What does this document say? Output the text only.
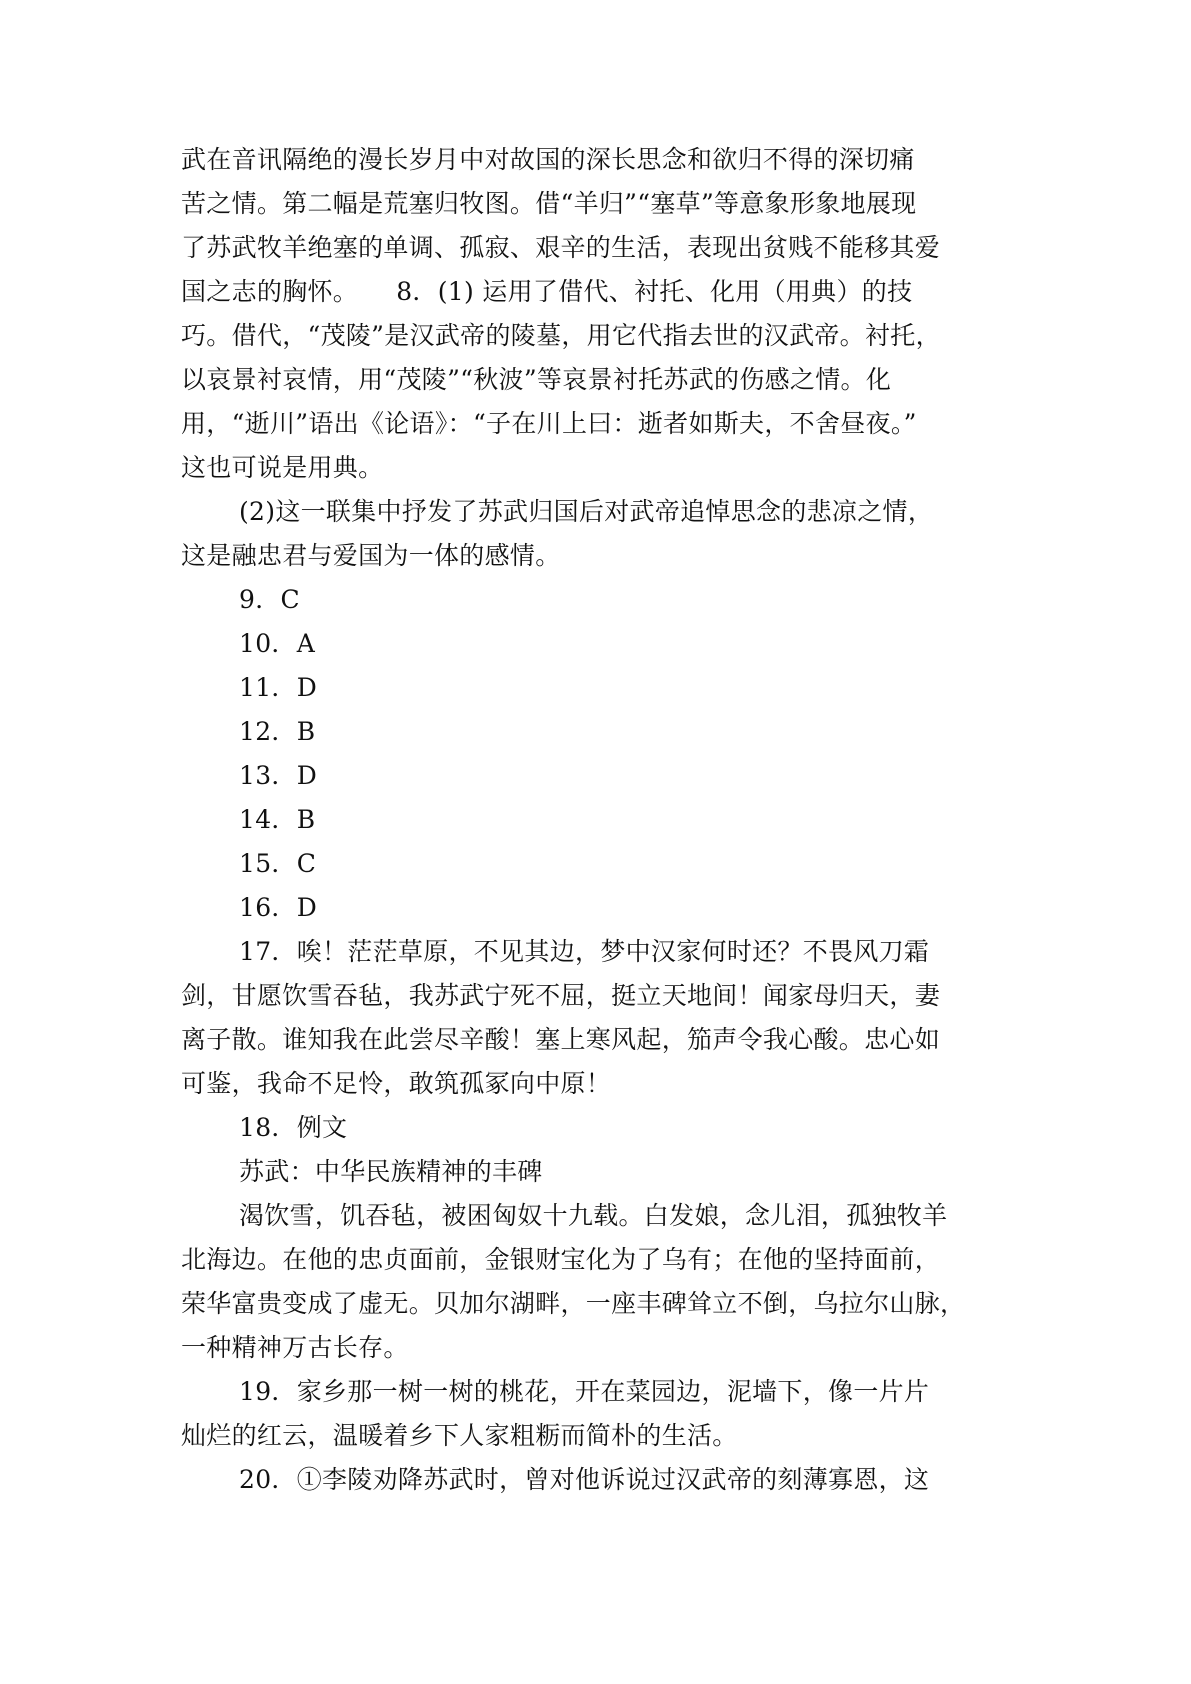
武在音讯隔绝的漫长岁月中对故国的深长思念和欲归不得的深切痛
苦之情。第二幅是荒塞归牧图。借“羊归”“塞草”等意象形象地展现
了苏武牧羊绝塞的单调、孤寂、艰辛的生活，表现出贫贱不能移其爱
国之志的胸怀。　　8．(1) 运用了借代、衬托、化用（用典）的技
巧。借代，“茂陵”是汉武帝的陵墓，用它代指去世的汉武帝。衬托，
以哀景衬哀情，用“茂陵”“秋波”等哀景衬托苏武的伤感之情。化
用，“逝川”语出《论语》：“子在川上曰：逝者如斯夫，不舍昼夜。”
这也可说是用典。
(2)这一联集中抒发了苏武归国后对武帝追悼思念的悲凉之情，
这是融忠君与爱国为一体的感情。
9．C
10．A
11．D
12．B
13．D
14．B
15．C
16．D
17．唉！茫茫草原，不见其边，梦中汉家何时还？不畏风刀霜
剑，甘愿饮雪吞毡，我苏武宁死不屈，挺立天地间！闻家母归天，妻
离子散。谁知我在此尝尽辛酸！塞上寒风起，笳声令我心酸。忠心如
可鉴，我命不足怜，敢筑孤冢向中原！
18．例文
苏武：中华民族精神的丰碑
渴饮雪，饥吞毡，被困匈奴十九载。白发娘，念儿泪，孤独牧羊
北海边。在他的忠贞面前，金银财宝化为了乌有；在他的坚持面前，
荣华富贵变成了虚无。贝加尔湖畔，一座丰碑耸立不倒，乌拉尔山脉，
一种精神万古长存。
19．家乡那一树一树的桃花，开在菜园边，泥墙下，像一片片
灿烂的红云，温暖着乡下人家粗粝而简朴的生活。
20．①李陵劝降苏武时，曾对他诉说过汉武帝的刻薄寡恩，这
